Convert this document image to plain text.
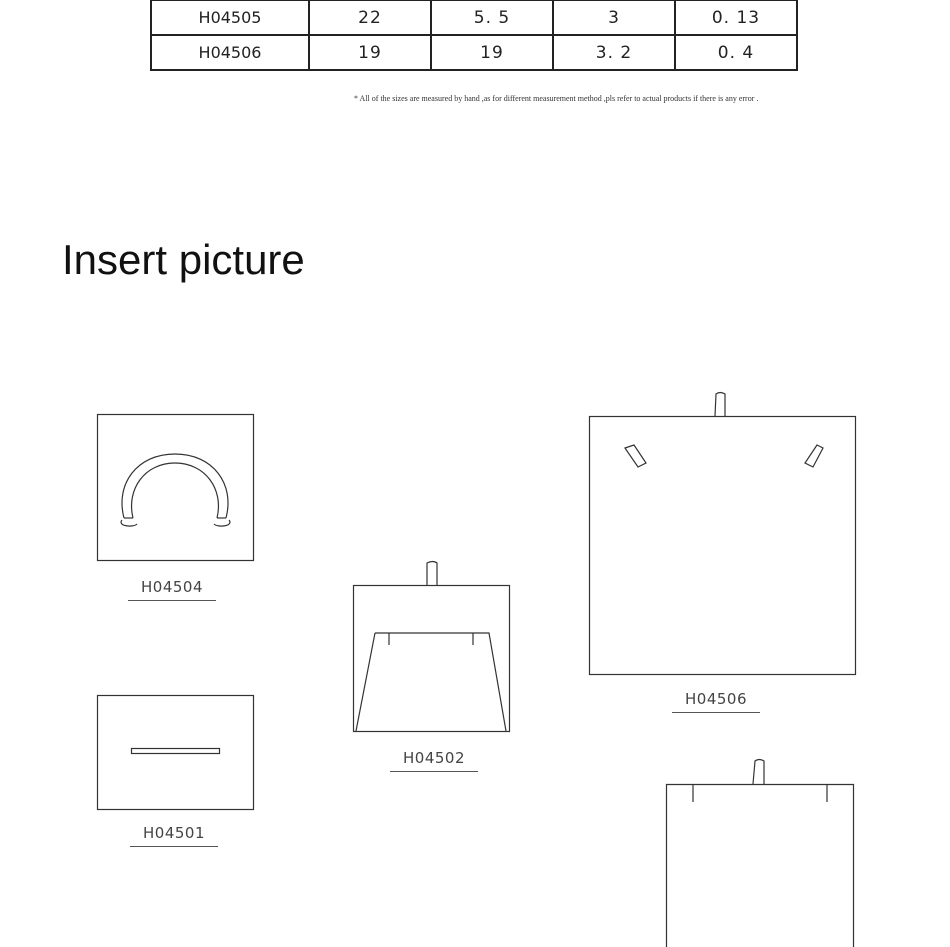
H04505	22	5. 5	3	0. 13
H04506	19	19	3. 2	0. 4
* All of the sizes are measured by hand ,as for different measurement method ,pls refer to actual products if there is any error .
Insert picture
H04504
H04502
H04506
H04501
